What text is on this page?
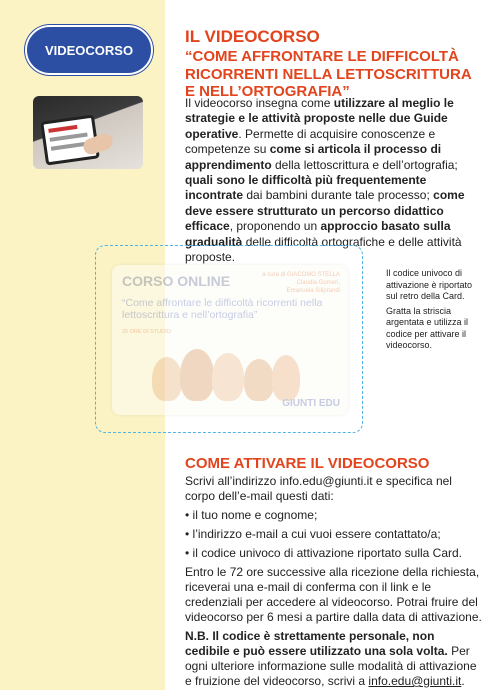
VIDEOCORSO

IL VIDEOCORSO

“COME AFFRONTARE LE DIFFICOLTÀ RICORRENTI NELLA LETTOSCRITTURA E NELL’ORTOGRAFIA”

Il videocorso insegna come utilizzare al meglio le strategie e le attività proposte nelle due Guide operative. Permette di acquisire conoscenze e competenze su come si articola il processo di apprendimento della lettoscrittura e dell’ortografia; quali sono le difficoltà più frequentemente incontrate dai bambini durante tale processo; come deve essere strutturato un percorso didattico efficace, proponendo un approccio basato sulla gradualità delle difficoltà ortografiche e delle attività proposte.
CORSO ONLINE	a cura di GIACOMO STELLA
Claudia Gomeri,
Emanuela Siliprandi
“Come affrontare le difficoltà ricorrenti nella lettoscrittura e nell’ortografia”
25 ORE DI STUDIO
GIUNTI EDU

Il codice univoco di attivazione è riportato sul retro della Card.

Gratta la striscia argentata e utilizza il codice per attivare il videocorso.

COME ATTIVARE IL VIDEOCORSO

Scrivi all’indirizzo info.edu@giunti.it e specifica nel corpo dell’e-mail questi dati:

• il tuo nome e cognome;
• l’indirizzo e-mail a cui vuoi essere contattato/a;
• il codice univoco di attivazione riportato sulla Card.

Entro le 72 ore successive alla ricezione della richiesta, riceverai una e-mail di conferma con il link e le credenziali per accedere al videocorso. Potrai fruire del videocorso per 6 mesi a partire dalla data di attivazione.

N.B. Il codice è strettamente personale, non cedibile e può essere utilizzato una sola volta. Per ogni ulteriore informazione sulle modalità di attivazione e fruizione del videocorso, scrivi a info.edu@giunti.it.
